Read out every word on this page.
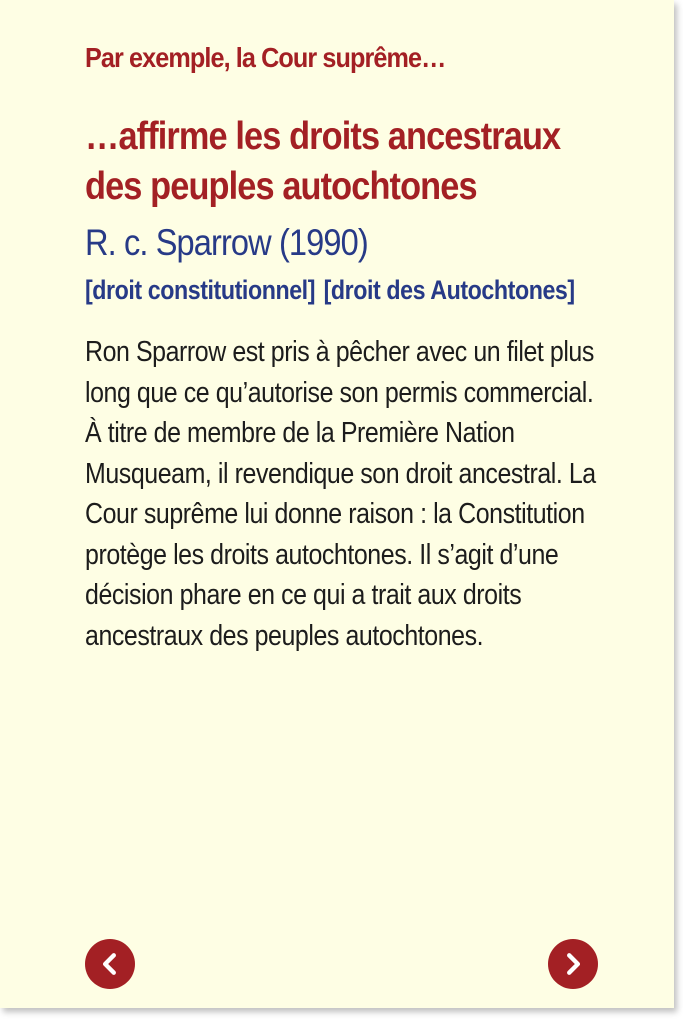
Par exemple, la Cour suprême…
…affirme les droits ancestraux des peuples autochtones
R. c. Sparrow (1990)
[droit constitutionnel] [droit des Autochtones]
Ron Sparrow est pris à pêcher avec un filet plus long que ce qu’autorise son permis commercial. À titre de membre de la Première Nation Musqueam, il revendique son droit ancestral. La Cour suprême lui donne raison : la Constitution protège les droits autochtones. Il s’agit d’une décision phare en ce qui a trait aux droits ancestraux des peuples autochtones.
